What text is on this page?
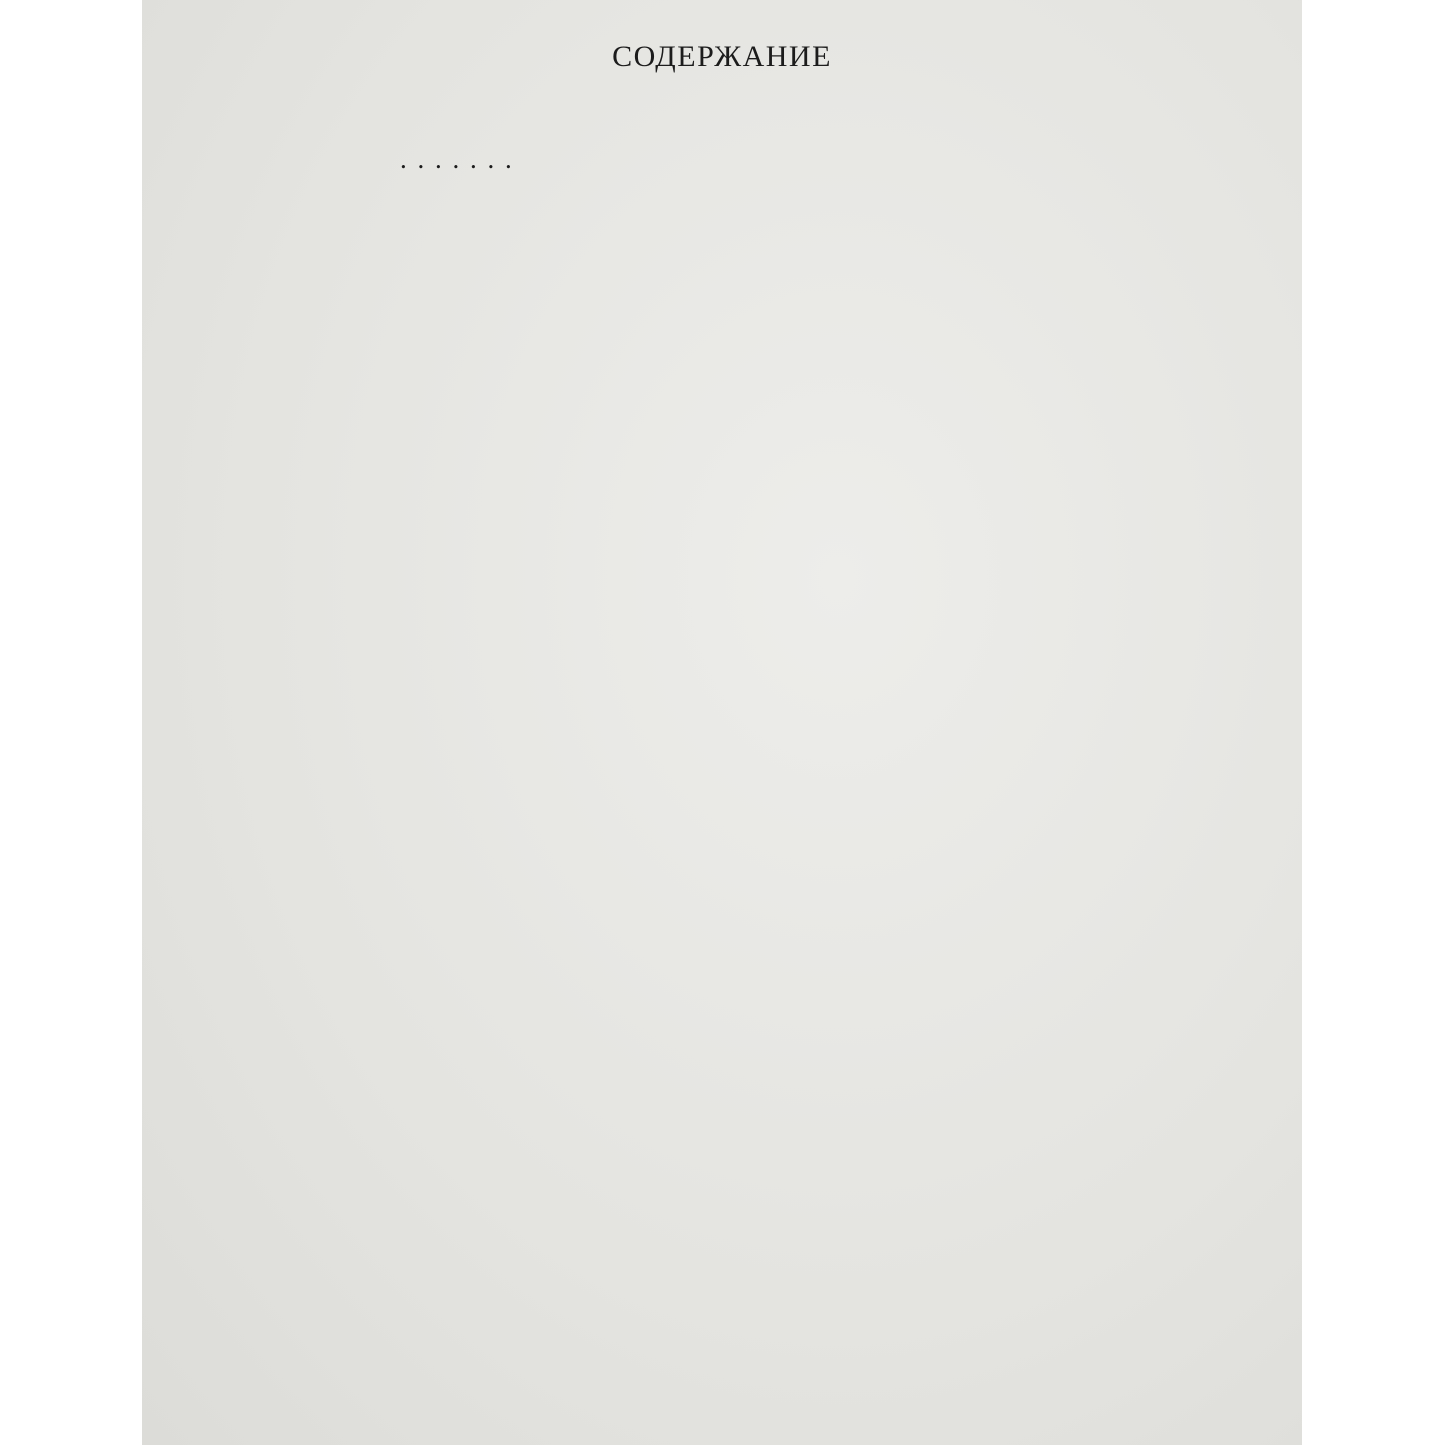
СОДЕРЖАНИЕ
. . . . . . .
